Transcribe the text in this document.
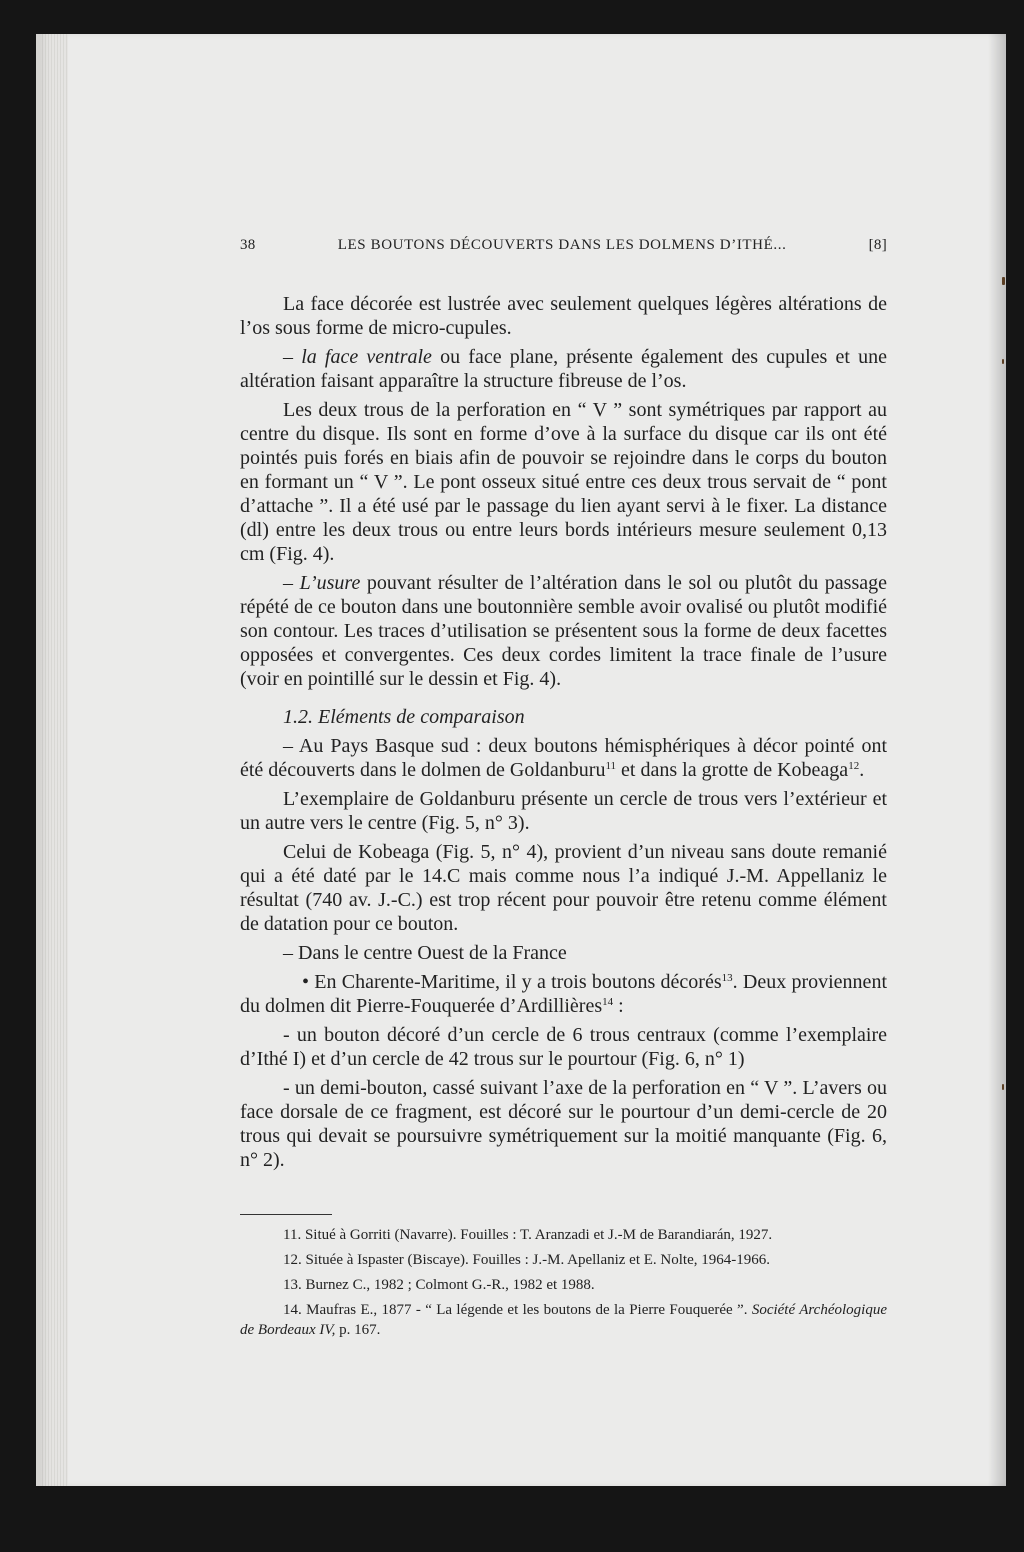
38	LES BOUTONS DÉCOUVERTS DANS LES DOLMENS D’ITHÉ...	[8]

La face décorée est lustrée avec seulement quelques légères altérations de l’os sous forme de micro-cupules.

– la face ventrale ou face plane, présente également des cupules et une altération faisant apparaître la structure fibreuse de l’os.

Les deux trous de la perforation en “ V ” sont symétriques par rapport au centre du disque. Ils sont en forme d’ove à la surface du disque car ils ont été pointés puis forés en biais afin de pouvoir se rejoindre dans le corps du bouton en formant un “ V ”. Le pont osseux situé entre ces deux trous servait de “ pont d’attache ”. Il a été usé par le passage du lien ayant servi à le fixer. La distance (dl) entre les deux trous ou entre leurs bords intérieurs mesure seulement 0,13 cm (Fig. 4).

– L’usure pouvant résulter de l’altération dans le sol ou plutôt du passage répété de ce bouton dans une boutonnière semble avoir ovalisé ou plutôt modifié son contour. Les traces d’utilisation se présentent sous la forme de deux facettes opposées et convergentes. Ces deux cordes limitent la trace finale de l’usure (voir en pointillé sur le dessin et Fig. 4).

1.2. Eléments de comparaison

– Au Pays Basque sud : deux boutons hémisphériques à décor pointé ont été découverts dans le dolmen de Goldanburu$^{11}$ et dans la grotte de Kobeaga$^{12}$.

L’exemplaire de Goldanburu présente un cercle de trous vers l’extérieur et un autre vers le centre (Fig. 5, n° 3).

Celui de Kobeaga (Fig. 5, n° 4), provient d’un niveau sans doute remanié qui a été daté par le 14.C mais comme nous l’a indiqué J.-M. Appellaniz le résultat (740 av. J.-C.) est trop récent pour pouvoir être retenu comme élément de datation pour ce bouton.

– Dans le centre Ouest de la France

• En Charente-Maritime, il y a trois boutons décorés$^{13}$. Deux proviennent du dolmen dit Pierre-Fouquerée d’Ardillières$^{14}$ :

- un bouton décoré d’un cercle de 6 trous centraux (comme l’exemplaire d’Ithé I) et d’un cercle de 42 trous sur le pourtour (Fig. 6, n° 1)

- un demi-bouton, cassé suivant l’axe de la perforation en “ V ”. L’avers ou face dorsale de ce fragment, est décoré sur le pourtour d’un demi-cercle de 20 trous qui devait se poursuivre symétriquement sur la moitié manquante (Fig. 6, n° 2).

11. Situé à Gorriti (Navarre). Fouilles : T. Aranzadi et J.-M de Barandiarán, 1927.
12. Située à Ispaster (Biscaye). Fouilles : J.-M. Apellaniz et E. Nolte, 1964-1966.
13. Burnez C., 1982 ; Colmont G.-R., 1982 et 1988.
14. Maufras E., 1877 - “ La légende et les boutons de la Pierre Fouquerée ”. Société Archéologique de Bordeaux IV, p. 167.
